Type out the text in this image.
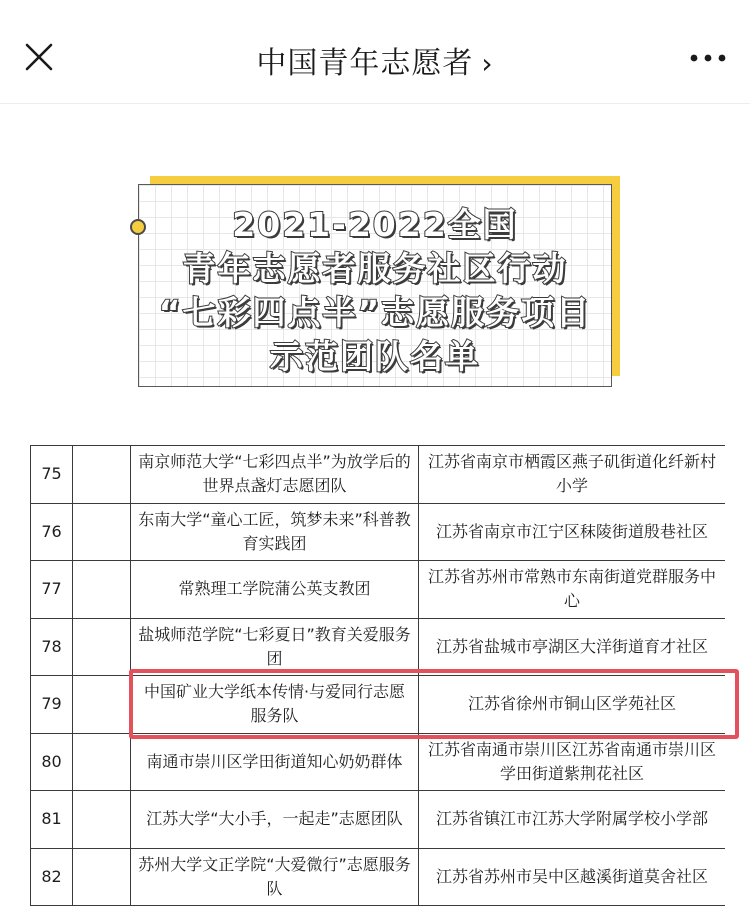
中国青年志愿者 ›
2021-2022全国
青年志愿者服务社区行动
“七彩四点半”志愿服务项目
示范团队名单
75		南京师范大学“七彩四点半”为放学后的世界点盏灯志愿团队	江苏省南京市栖霞区燕子矶街道化纤新村小学
76		东南大学“童心工匠，筑梦未来”科普教育实践团	江苏省南京市江宁区秣陵街道殷巷社区
77		常熟理工学院蒲公英支教团	江苏省苏州市常熟市东南街道党群服务中心
78		盐城师范学院“七彩夏日”教育关爱服务团	江苏省盐城市亭湖区大洋街道育才社区
79		中国矿业大学纸本传情·与爱同行志愿服务队	江苏省徐州市铜山区学苑社区
80		南通市崇川区学田街道知心奶奶群体	江苏省南通市崇川区江苏省南通市崇川区学田街道紫荆花社区
81		江苏大学“大小手，一起走”志愿团队	江苏省镇江市江苏大学附属学校小学部
82		苏州大学文正学院“大爱微行”志愿服务队	江苏省苏州市吴中区越溪街道莫舍社区
